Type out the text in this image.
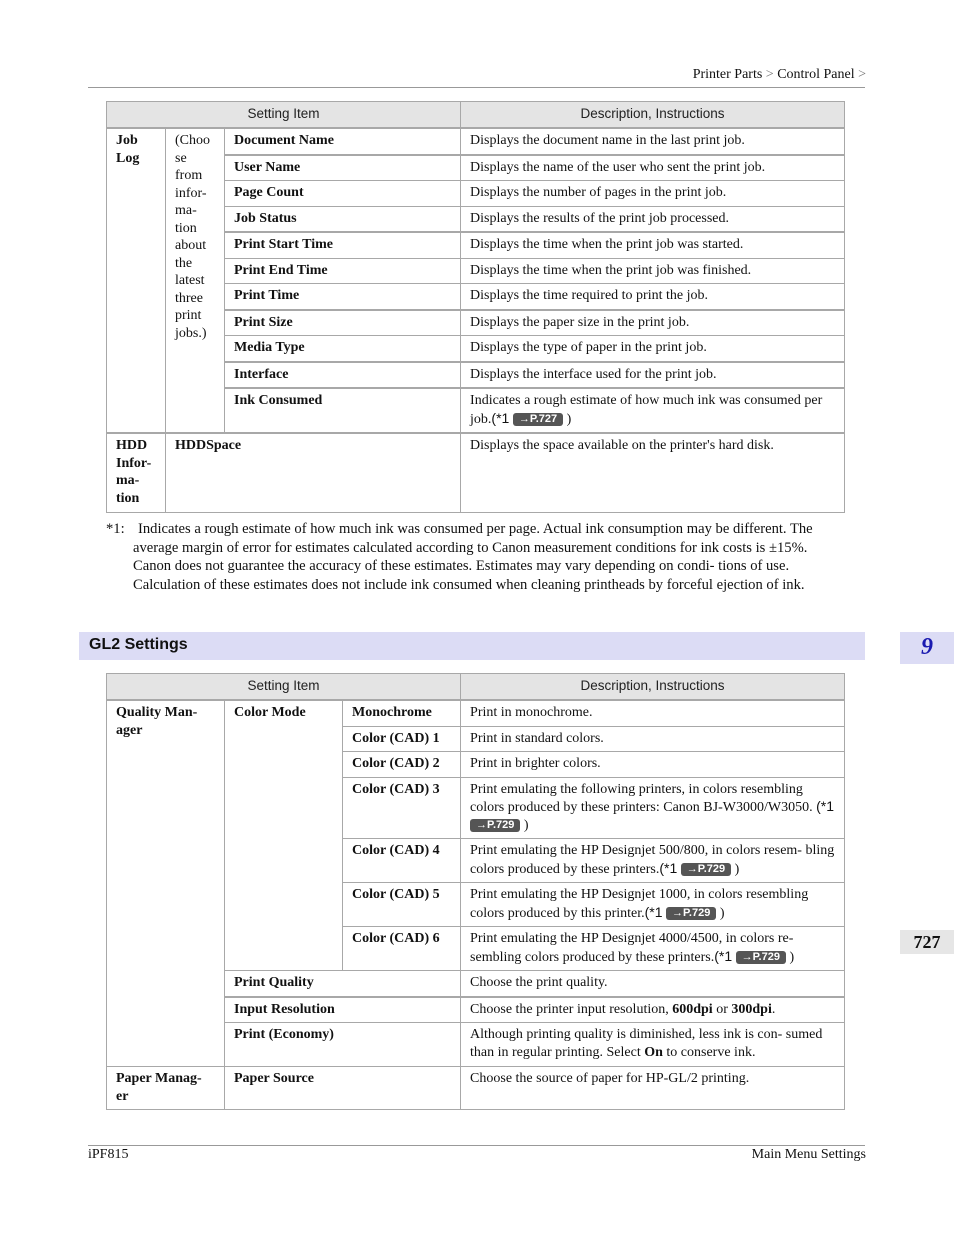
Printer Parts > Control Panel >
Setting Item			Description, Instructions
Job Log	(Choo se from infor- ma- tion about the latest three print jobs.)	Document Name	Displays the document name in the last print job.
		User Name	Displays the name of the user who sent the print job.
		Page Count	Displays the number of pages in the print job.
		Job Status	Displays the results of the print job processed.
		Print Start Time	Displays the time when the print job was started.
		Print End Time	Displays the time when the print job was finished.
		Print Time	Displays the time required to print the job.
		Print Size	Displays the paper size in the print job.
		Media Type	Displays the type of paper in the print job.
		Interface	Displays the interface used for the print job.
		Ink Consumed	Indicates a rough estimate of how much ink was consumed per job.(*1 →P.727 )
HDD Infor- ma- tion	HDDSpace		Displays the space available on the printer's hard disk.
*1: Indicates a rough estimate of how much ink was consumed per page. Actual ink consumption may be different. The average margin of error for estimates calculated according to Canon measurement conditions for ink costs is ±15%. Canon does not guarantee the accuracy of these estimates. Estimates may vary depending on condi- tions of use. Calculation of these estimates does not include ink consumed when cleaning printheads by forceful ejection of ink.
GL2 Settings	9
727
Setting Item			Description, Instructions
Quality Man- ager	Color Mode	Monochrome	Print in monochrome.
		Color (CAD) 1	Print in standard colors.
		Color (CAD) 2	Print in brighter colors.
		Color (CAD) 3	Print emulating the following printers, in colors resembling colors produced by these printers: Canon BJ-W3000/W3050. (*1 →P.729 )
		Color (CAD) 4	Print emulating the HP Designjet 500/800, in colors resem- bling colors produced by these printers.(*1 →P.729 )
		Color (CAD) 5	Print emulating the HP Designjet 1000, in colors resembling colors produced by this printer.(*1 →P.729 )
		Color (CAD) 6	Print emulating the HP Designjet 4000/4500, in colors re- sembling colors produced by these printers.(*1 →P.729 )
	Print Quality		Choose the print quality.
	Input Resolution		Choose the printer input resolution, 600dpi or 300dpi.
	Print (Economy)		Although printing quality is diminished, less ink is con- sumed than in regular printing. Select On to conserve ink.
Paper Manag- er	Paper Source		Choose the source of paper for HP-GL/2 printing.
iPF815	Main Menu Settings
